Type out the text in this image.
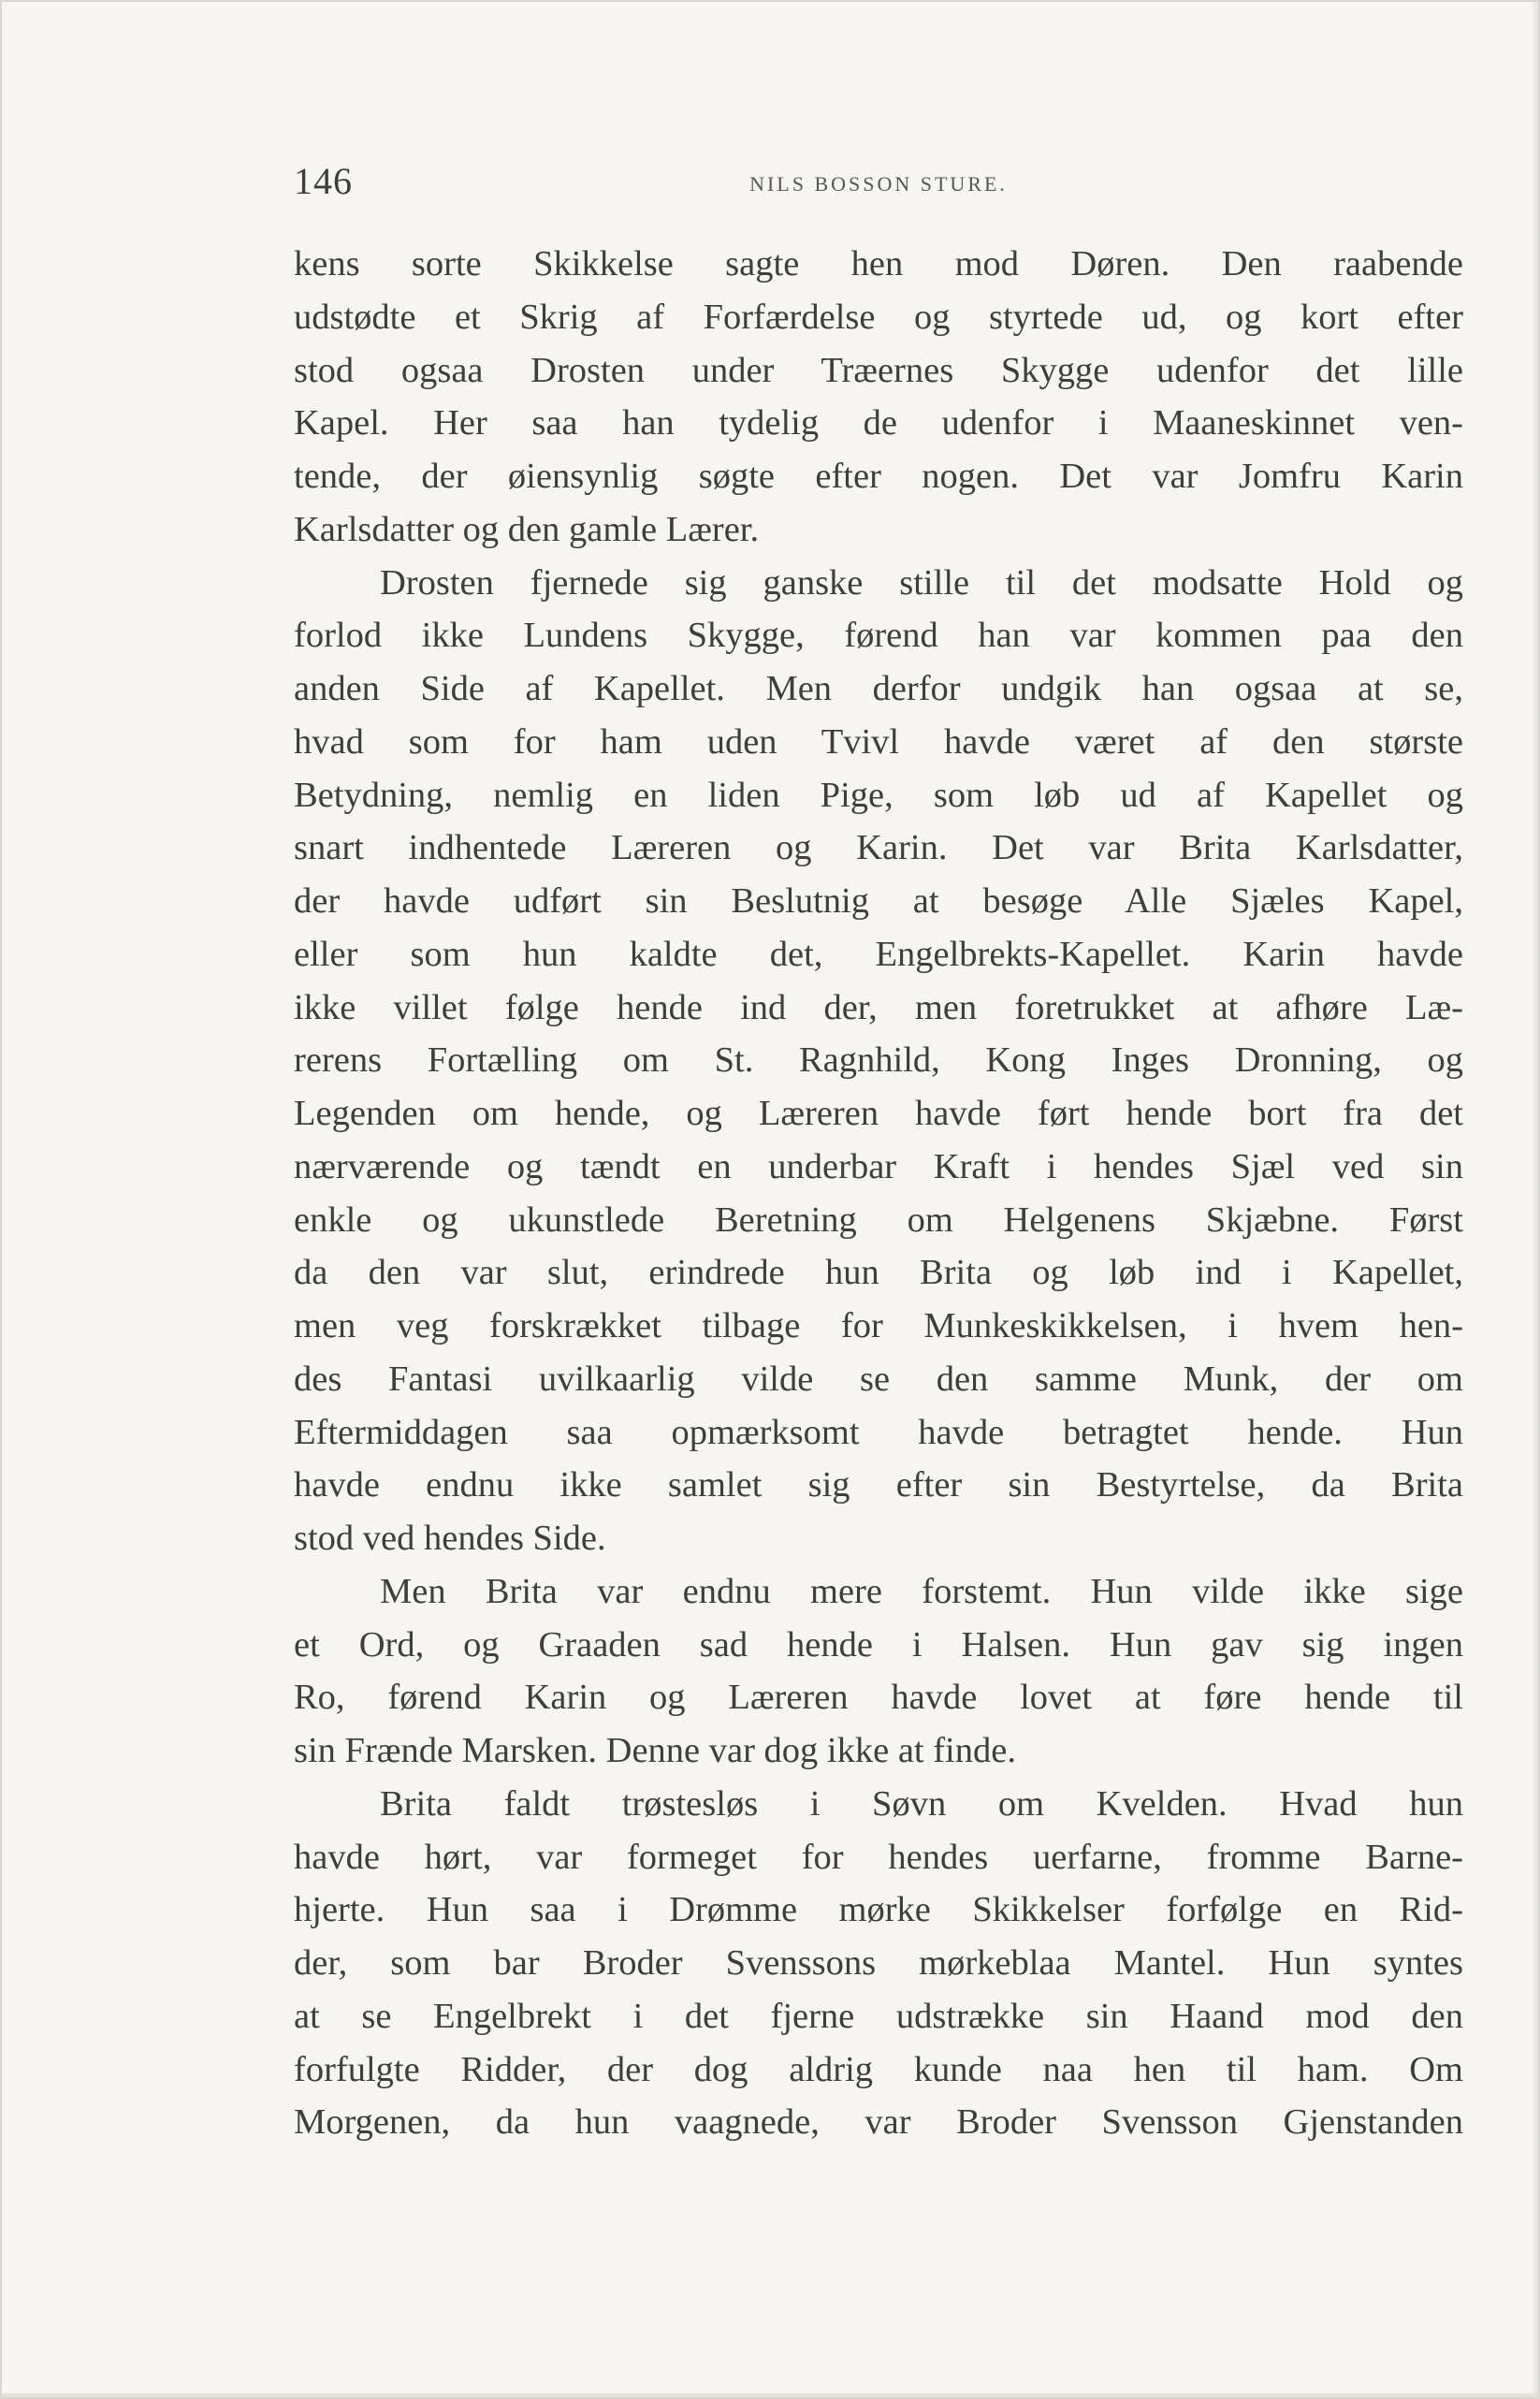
146	NILS BOSSON STURE.
kens sorte Skikkelse sagte hen mod Døren. Den raabende
udstødte et Skrig af Forfærdelse og styrtede ud, og kort efter
stod ogsaa Drosten under Træernes Skygge udenfor det lille
Kapel. Her saa han tydelig de udenfor i Maaneskinnet ven-
tende, der øiensynlig søgte efter nogen. Det var Jomfru Karin
Karlsdatter og den gamle Lærer.
Drosten fjernede sig ganske stille til det modsatte Hold og
forlod ikke Lundens Skygge, førend han var kommen paa den
anden Side af Kapellet. Men derfor undgik han ogsaa at se,
hvad som for ham uden Tvivl havde været af den største
Betydning, nemlig en liden Pige, som løb ud af Kapellet og
snart indhentede Læreren og Karin. Det var Brita Karlsdatter,
der havde udført sin Beslutnig at besøge Alle Sjæles Kapel,
eller som hun kaldte det, Engelbrekts-Kapellet. Karin havde
ikke villet følge hende ind der, men foretrukket at afhøre Læ-
rerens Fortælling om St. Ragnhild, Kong Inges Dronning, og
Legenden om hende, og Læreren havde ført hende bort fra det
nærværende og tændt en underbar Kraft i hendes Sjæl ved sin
enkle og ukunstlede Beretning om Helgenens Skjæbne. Først
da den var slut, erindrede hun Brita og løb ind i Kapellet,
men veg forskrækket tilbage for Munkeskikkelsen, i hvem hen-
des Fantasi uvilkaarlig vilde se den samme Munk, der om
Eftermiddagen saa opmærksomt havde betragtet hende. Hun
havde endnu ikke samlet sig efter sin Bestyrtelse, da Brita
stod ved hendes Side.
Men Brita var endnu mere forstemt. Hun vilde ikke sige
et Ord, og Graaden sad hende i Halsen. Hun gav sig ingen
Ro, førend Karin og Læreren havde lovet at føre hende til
sin Frænde Marsken. Denne var dog ikke at finde.
Brita faldt trøstesløs i Søvn om Kvelden. Hvad hun
havde hørt, var formeget for hendes uerfarne, fromme Barne-
hjerte. Hun saa i Drømme mørke Skikkelser forfølge en Rid-
der, som bar Broder Svenssons mørkeblaa Mantel. Hun syntes
at se Engelbrekt i det fjerne udstrække sin Haand mod den
forfulgte Ridder, der dog aldrig kunde naa hen til ham. Om
Morgenen, da hun vaagnede, var Broder Svensson Gjenstanden
